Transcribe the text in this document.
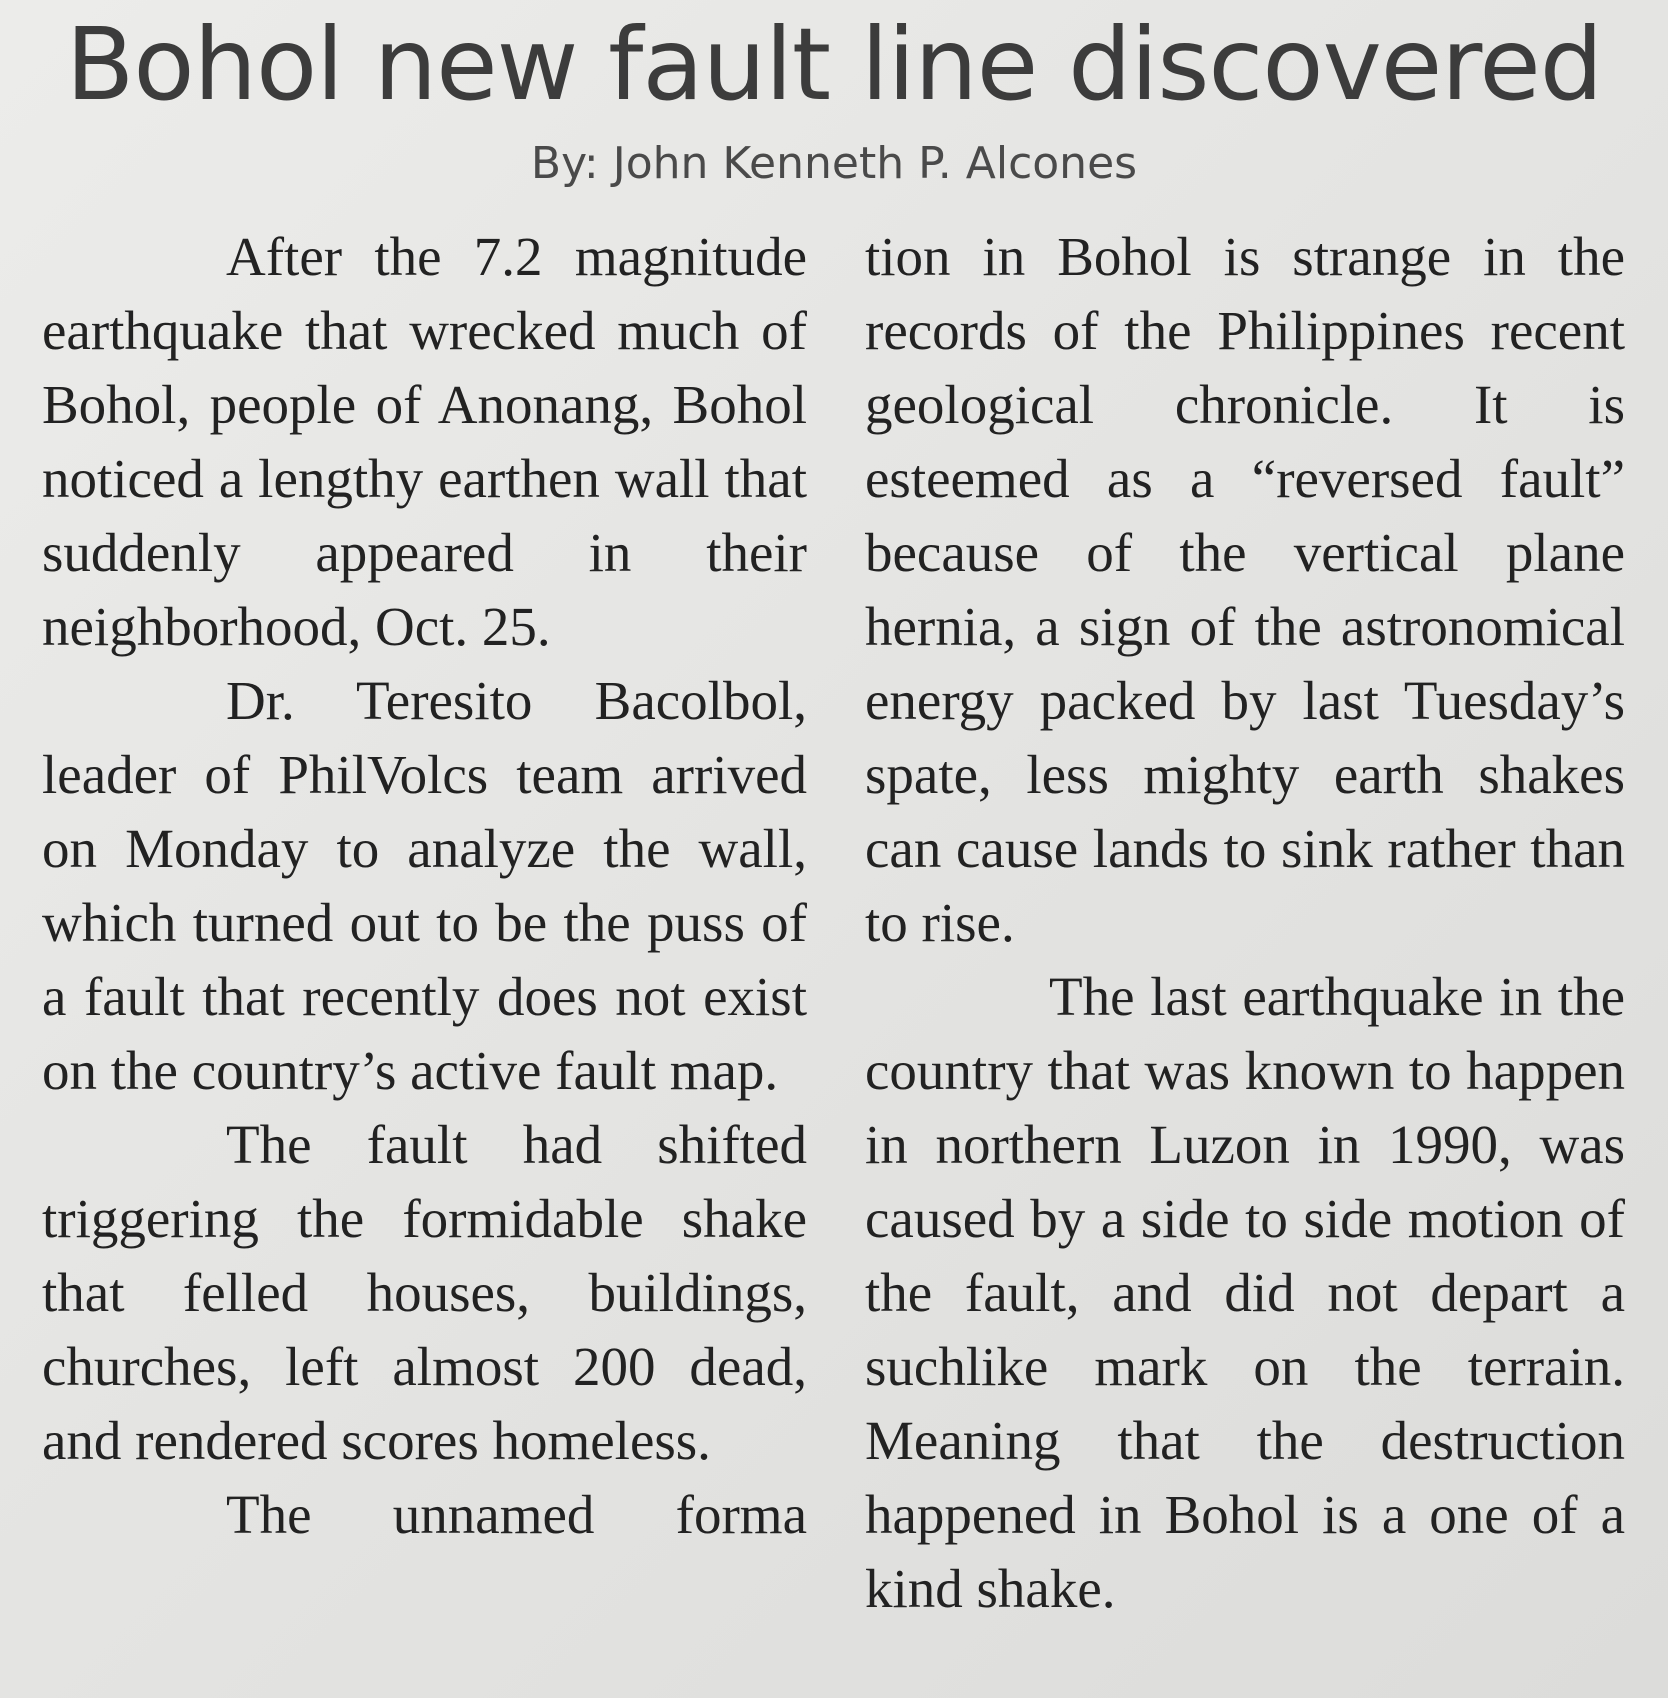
Bohol new fault line discovered
By: John Kenneth P. Alcones

After the 7.2 magnitude earthquake that wrecked much of Bohol, people of Anonang, Bohol noticed a lengthy earthen wall that suddenly appeared in their neighborhood, Oct. 25.

Dr. Teresito Bacolbol, leader of PhilVolcs team arrived on Monday to analyze the wall, which turned out to be the puss of a fault that recently does not exist on the country’s active fault map.

The fault had shifted triggering the formidable shake that felled houses, buildings, churches, left almost 200 dead, and rendered scores homeless.

The unnamed forma

tion in Bohol is strange in the records of the Philippines recent geological chronicle. It is esteemed as a “reversed fault” because of the vertical plane hernia, a sign of the astronomical energy packed by last Tuesday’s spate, less mighty earth shakes can cause lands to sink rather than to rise.

The last earthquake in the country that was known to happen in northern Luzon in 1990, was caused by a side to side motion of the fault, and did not depart a suchlike mark on the terrain. Meaning that the destruction happened in Bohol is a one of a kind shake.
